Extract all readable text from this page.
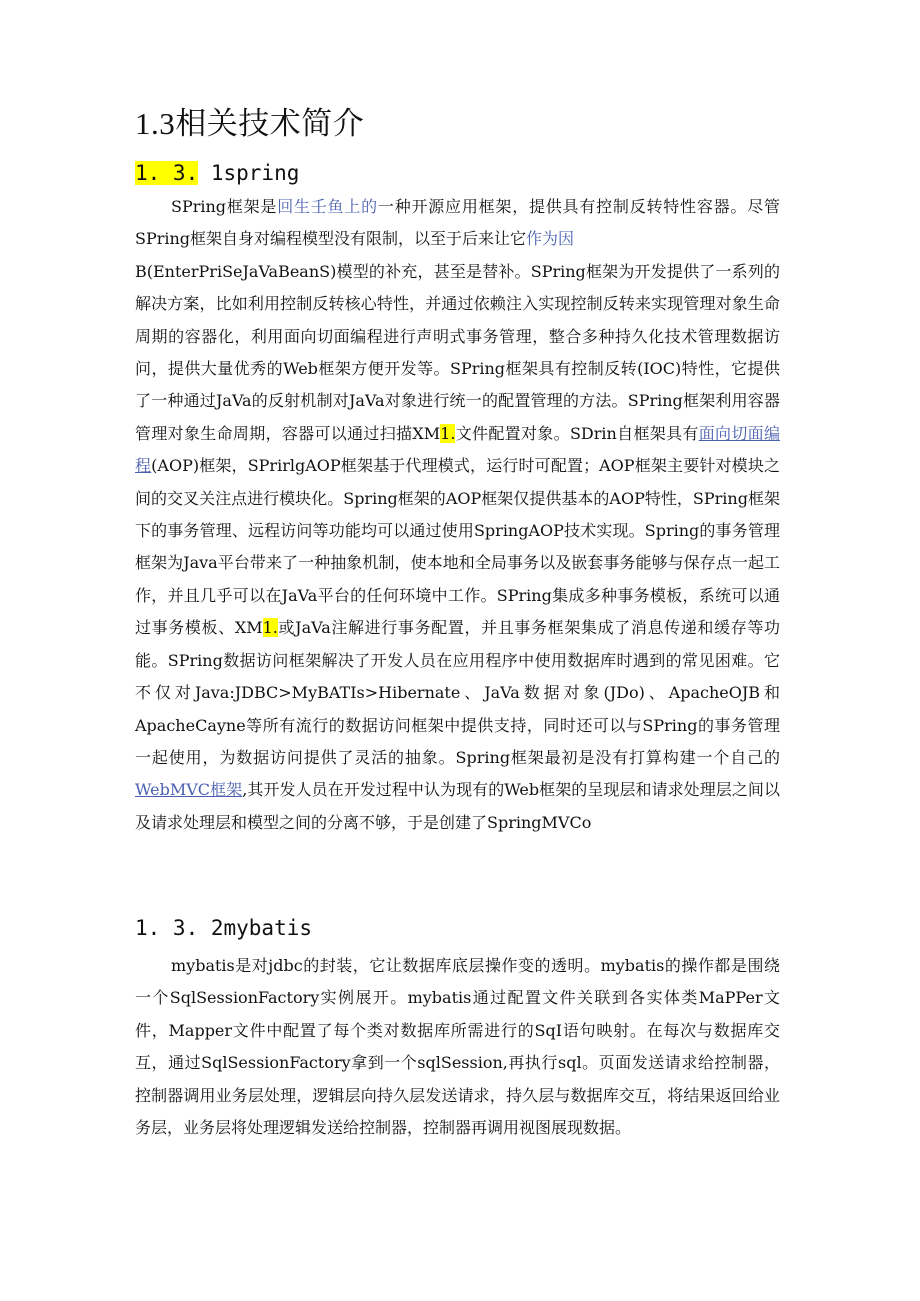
1.3相关技术简介
1. 3. 1spring

SPring框架是回生壬鱼上的一种开源应用框架，提供具有控制反转特性容器。尽管SPring框架自身对编程模型没有限制，以至于后来让它作为因
B(EnterPriSeJaVaBeanS)模型的补充，甚至是替补。SPring框架为开发提供了一系列的解决方案，比如利用控制反转核心特性，并通过依赖注入实现控制反转来实现管理对象生命周期的容器化，利用面向切面编程进行声明式事务管理，整合多种持久化技术管理数据访问，提供大量优秀的Web框架方便开发等。SPring框架具有控制反转(IOC)特性，它提供了一种通过JaVa的反射机制对JaVa对象进行统一的配置管理的方法。SPring框架利用容器管理对象生命周期，容器可以通过扫描XM1.文件配置对象。SDrin自框架具有面向切面编程(AOP)框架，SPrirlgAOP框架基于代理模式，运行时可配置；AOP框架主要针对模块之间的交叉关注点进行模块化。Spring框架的AOP框架仅提供基本的AOP特性，SPring框架下的事务管理、远程访问等功能均可以通过使用SpringAOP技术实现。Spring的事务管理框架为Java平台带来了一种抽象机制，使本地和全局事务以及嵌套事务能够与保存点一起工作，并且几乎可以在JaVa平台的任何环境中工作。SPring集成多种事务模板，系统可以通过事务模板、XM1.或JaVa注解进行事务配置，并且事务框架集成了消息传递和缓存等功能。SPring数据访问框架解决了开发人员在应用程序中使用数据库时遇到的常见困难。它不仅对Java:JDBC>MyBATIs>Hibernate、JaVa数据对象(JDo)、ApacheOJB和ApacheCayne等所有流行的数据访问框架中提供支持，同时还可以与SPring的事务管理一起使用，为数据访问提供了灵活的抽象。Spring框架最初是没有打算构建一个自己的WebMVC框架,其开发人员在开发过程中认为现有的Web框架的呈现层和请求处理层之间以及请求处理层和模型之间的分离不够，于是创建了SpringMVCo

1. 3. 2mybatis

mybatis是对jdbc的封装，它让数据库底层操作变的透明。mybatis的操作都是围绕一个SqlSessionFactory实例展开。mybatis通过配置文件关联到各实体类MaPPer文件，Mapper文件中配置了每个类对数据库所需进行的SqI语句映射。在每次与数据库交互，通过SqlSessionFactory拿到一个sqlSession,再执行sql。页面发送请求给控制器，控制器调用业务层处理，逻辑层向持久层发送请求，持久层与数据库交互，将结果返回给业务层，业务层将处理逻辑发送给控制器，控制器再调用视图展现数据。
